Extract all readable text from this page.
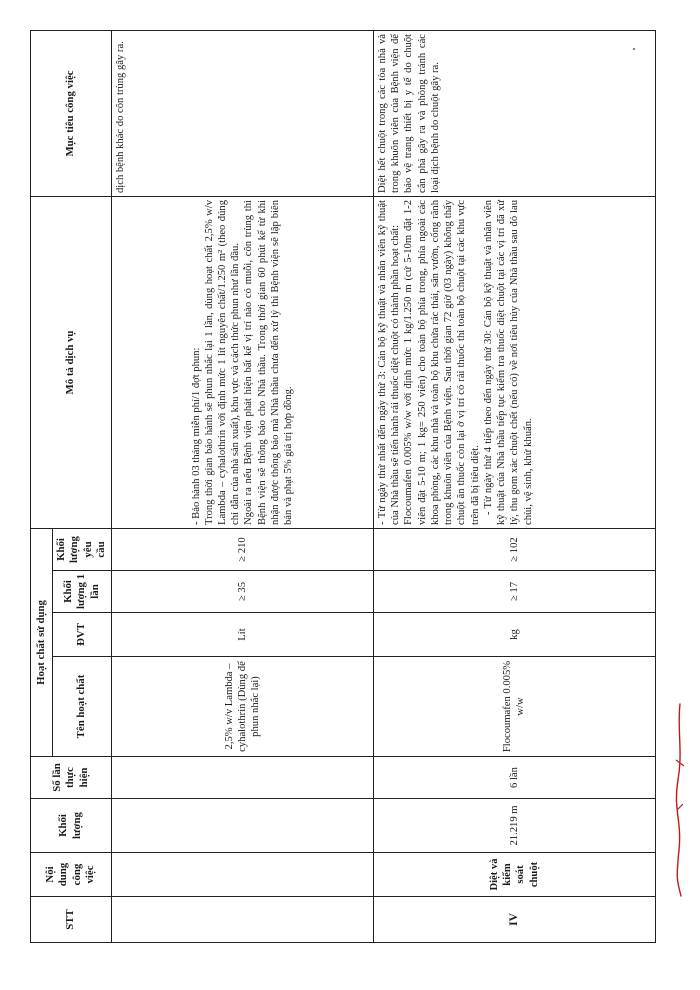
STT	Nội dung công việc	Khối lượng	Số lần thực hiện	Hoạt chất sử dụng				Mô tả dịch vụ	Mục tiêu công việc
				Tên hoạt chất	ĐVT	Khối lượng 1 lần	Khối lượng yêu cầu		
				2,5% w/v Lambda – cyhalothrin (Dùng để phun nhắc lại)	Lít	≥ 35	≥ 210	- Bảo hành 03 tháng miễn phí/1 đợt phun: Trong thời gian bảo hành sẽ phun nhắc lại 1 lần, dùng hoạt chất 2,5% w/v Lambda – cyhalothrin với định mức 1 lít nguyên chất/1.250 m² (theo đúng chỉ dẫn của nhà sản xuất), khu vực và cách thức phun như lần đầu. Ngoài ra nếu Bệnh viện phát hiện bất kể vị trí nào có muỗi, côn trùng thì Bệnh viện sẽ thông báo cho Nhà thầu. Trong thời gian 60 phút kể từ khi nhận được thông báo mà Nhà thầu chưa đến xử lý thì Bệnh viện sẽ lập biên bản và phạt 5% giá trị hợp đồng.	dịch bệnh khác do côn trùng gây ra.
IV	Diệt và kiểm soát chuột	21.219 m	6 lần	Flocoumafen 0.005% w/w	kg	≥ 17	≥ 102	- Từ ngày thứ nhất đến ngày thứ 3: Cán bộ kỹ thuật và nhân viên kỹ thuật của Nhà thầu sẽ tiến hành rải thuốc diệt chuột có thành phần hoạt chất: Flocoumafen 0.005% w/w với định mức 1 kg/1.250 m (cứ 5-10m đặt 1-2 viên đặt 5-10 m; 1 kg= 250 viên) cho toàn bộ phía trong, phía ngoài các khoa phòng, các khu nhà và toàn bộ khu chứa rác thải, sân vườn, cống rãnh trong khuôn viên của Bệnh viện. Sau thời gian 72 giờ (03 ngày) không thấy chuột ăn thuốc còn lại ở vị trí có rải thuốc thì toàn bộ chuột tại các khu vực trên đã bị tiêu diệt. - Từ ngày thứ 4 tiếp theo đến ngày thứ 30: Cán bộ kỹ thuật và nhân viên kỹ thuật của Nhà thầu tiếp tục kiểm tra thuốc diệt chuột tại các vị trí đã xử lý, thu gom xác chuột chết (nếu có) về nơi tiêu hủy của Nhà thầu sau đó lau chùi, vệ sinh, khử khuẩn.	Diệt hết chuột trong các tòa nhà và trong khuôn viên của Bệnh viện để bảo vệ trang thiết bị y tế do chuột cắn phá gây ra và phòng tránh các loại dịch bệnh do chuột gây ra.
